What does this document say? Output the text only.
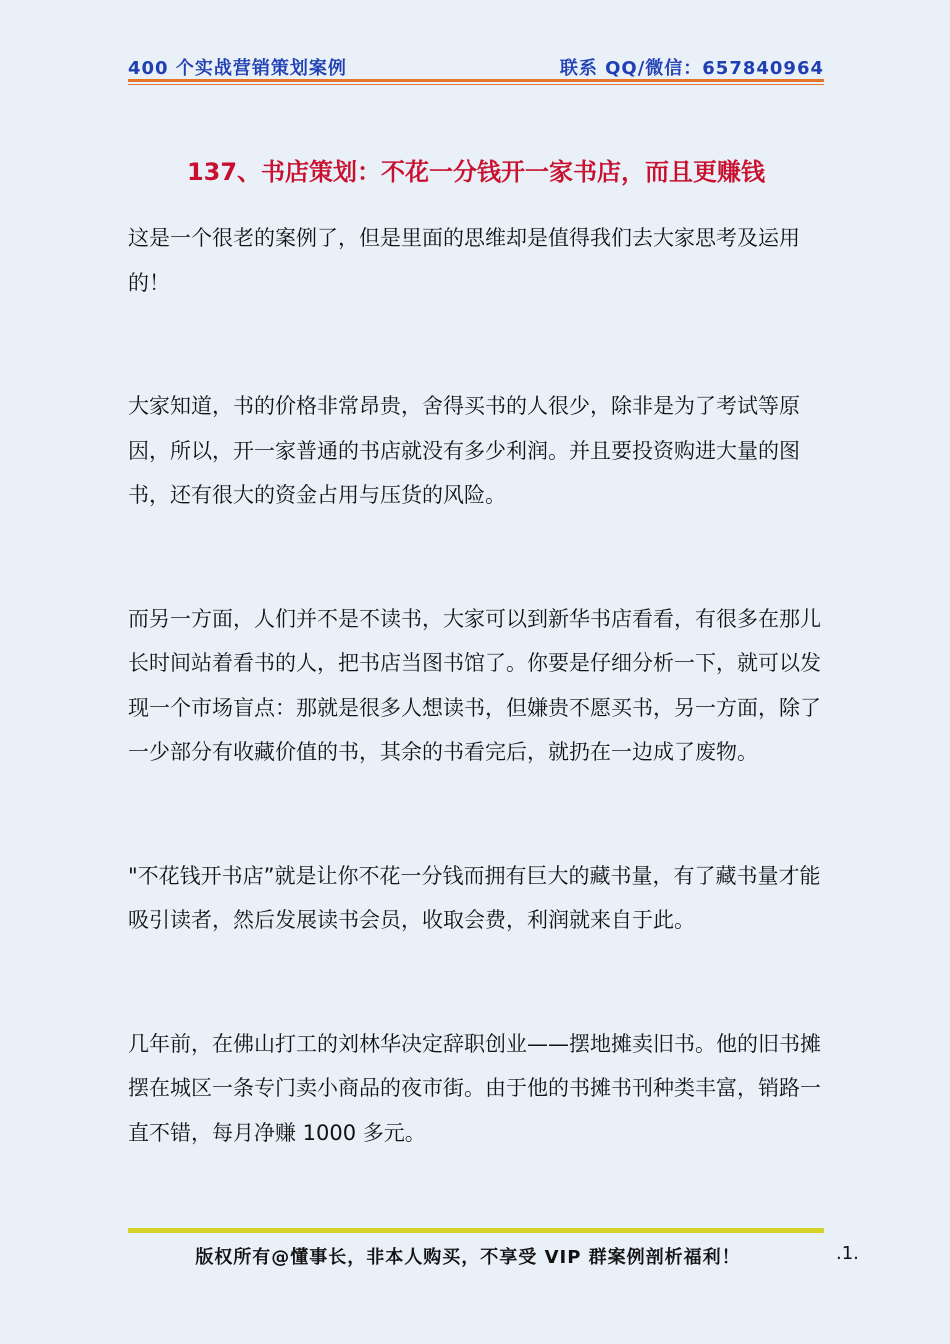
400 个实战营销策划案例	联系 QQ/微信：657840964
137、书店策划：不花一分钱开一家书店，而且更赚钱

这是一个很老的案例了，但是里面的思维却是值得我们去大家思考及运用的！

大家知道，书的价格非常昂贵，舍得买书的人很少，除非是为了考试等原因，所以，开一家普通的书店就没有多少利润。并且要投资购进大量的图书，还有很大的资金占用与压货的风险。

而另一方面，人们并不是不读书，大家可以到新华书店看看，有很多在那儿长时间站着看书的人，把书店当图书馆了。你要是仔细分析一下，就可以发现一个市场盲点：那就是很多人想读书，但嫌贵不愿买书，另一方面，除了一少部分有收藏价值的书，其余的书看完后，就扔在一边成了废物。

"不花钱开书店”就是让你不花一分钱而拥有巨大的藏书量，有了藏书量才能吸引读者，然后发展读书会员，收取会费，利润就来自于此。

几年前，在佛山打工的刘林华决定辞职创业——摆地摊卖旧书。他的旧书摊摆在城区一条专门卖小商品的夜市街。由于他的书摊书刊种类丰富，销路一直不错，每月净赚 1000 多元。

版权所有@懂事长，非本人购买，不享受 VIP 群案例剖析福利！	.1.
